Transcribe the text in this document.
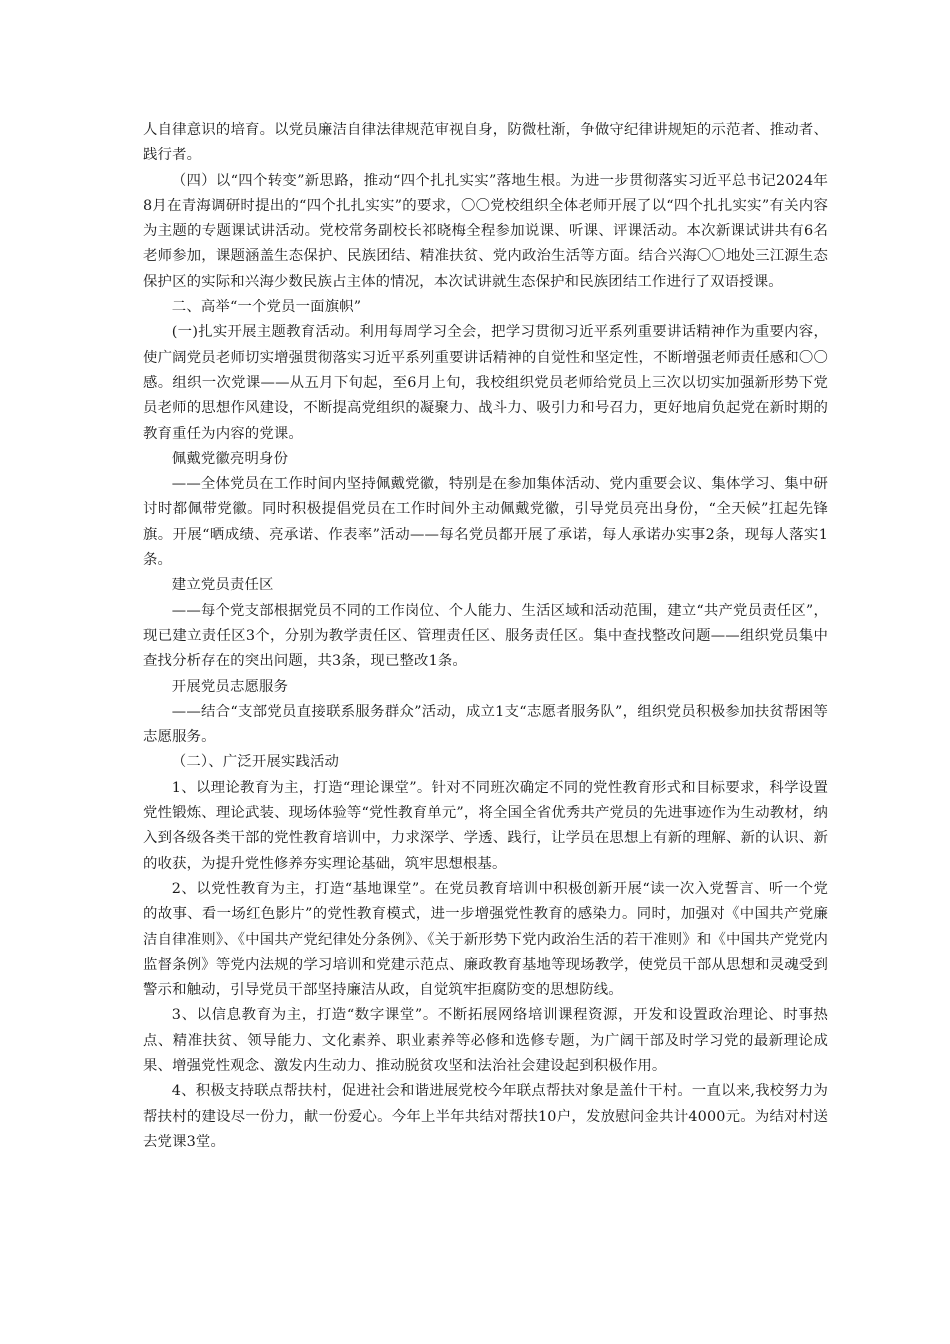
人自律意识的培育。以党员廉洁自律法律规范审视自身，防微杜渐，争做守纪律讲规矩的示范者、推动者、践行者。

（四）以“四个转变”新思路，推动“四个扎扎实实”落地生根。为进一步贯彻落实习近平总书记2024年8月在青海调研时提出的“四个扎扎实实”的要求，〇〇党校组织全体老师开展了以“四个扎扎实实”有关内容为主题的专题课试讲活动。党校常务副校长祁晓梅全程参加说课、听课、评课活动。本次新课试讲共有6名老师参加，课题涵盖生态保护、民族团结、精准扶贫、党内政治生活等方面。结合兴海〇〇地处三江源生态保护区的实际和兴海少数民族占主体的情况，本次试讲就生态保护和民族团结工作进行了双语授课。

二、高举“一个党员一面旗帜”

(一)扎实开展主题教育活动。利用每周学习全会，把学习贯彻习近平系列重要讲话精神作为重要内容，使广阔党员老师切实增强贯彻落实习近平系列重要讲话精神的自觉性和坚定性，不断增强老师责任感和〇〇感。组织一次党课——从五月下旬起，至6月上旬，我校组织党员老师给党员上三次以切实加强新形势下党员老师的思想作风建设，不断提高党组织的凝聚力、战斗力、吸引力和号召力，更好地肩负起党在新时期的教育重任为内容的党课。

佩戴党徽亮明身份

——全体党员在工作时间内坚持佩戴党徽，特别是在参加集体活动、党内重要会议、集体学习、集中研讨时都佩带党徽。同时积极提倡党员在工作时间外主动佩戴党徽，引导党员亮出身份，“全天候”扛起先锋旗。开展“晒成绩、亮承诺、作表率”活动——每名党员都开展了承诺，每人承诺办实事2条，现每人落实1条。

建立党员责任区

——每个党支部根据党员不同的工作岗位、个人能力、生活区域和活动范围，建立“共产党员责任区”，现已建立责任区3个，分别为教学责任区、管理责任区、服务责任区。集中查找整改问题——组织党员集中查找分析存在的突出问题，共3条，现已整改1条。

开展党员志愿服务

——结合“支部党员直接联系服务群众”活动，成立1支“志愿者服务队”，组织党员积极参加扶贫帮困等志愿服务。

（二）、广泛开展实践活动

1、以理论教育为主，打造“理论课堂”。针对不同班次确定不同的党性教育形式和目标要求，科学设置党性锻炼、理论武装、现场体验等“党性教育单元”，将全国全省优秀共产党员的先进事迹作为生动教材，纳入到各级各类干部的党性教育培训中，力求深学、学透、践行，让学员在思想上有新的理解、新的认识、新的收获，为提升党性修养夯实理论基础，筑牢思想根基。

2、以党性教育为主，打造“基地课堂”。在党员教育培训中积极创新开展“读一次入党誓言、听一个党的故事、看一场红色影片”的党性教育模式，进一步增强党性教育的感染力。同时，加强对《中国共产党廉洁自律准则》、《中国共产党纪律处分条例》、《关于新形势下党内政治生活的若干准则》和《中国共产党党内监督条例》等党内法规的学习培训和党建示范点、廉政教育基地等现场教学，使党员干部从思想和灵魂受到警示和触动，引导党员干部坚持廉洁从政，自觉筑牢拒腐防变的思想防线。

3、以信息教育为主，打造“数字课堂”。不断拓展网络培训课程资源，开发和设置政治理论、时事热点、精准扶贫、领导能力、文化素养、职业素养等必修和选修专题，为广阔干部及时学习党的最新理论成果、增强党性观念、激发内生动力、推动脱贫攻坚和法治社会建设起到积极作用。

4、积极支持联点帮扶村，促进社会和谐进展党校今年联点帮扶对象是盖什干村。一直以来,我校努力为帮扶村的建设尽一份力，献一份爱心。今年上半年共结对帮扶10户，发放慰问金共计4000元。为结对村送去党课3堂。
